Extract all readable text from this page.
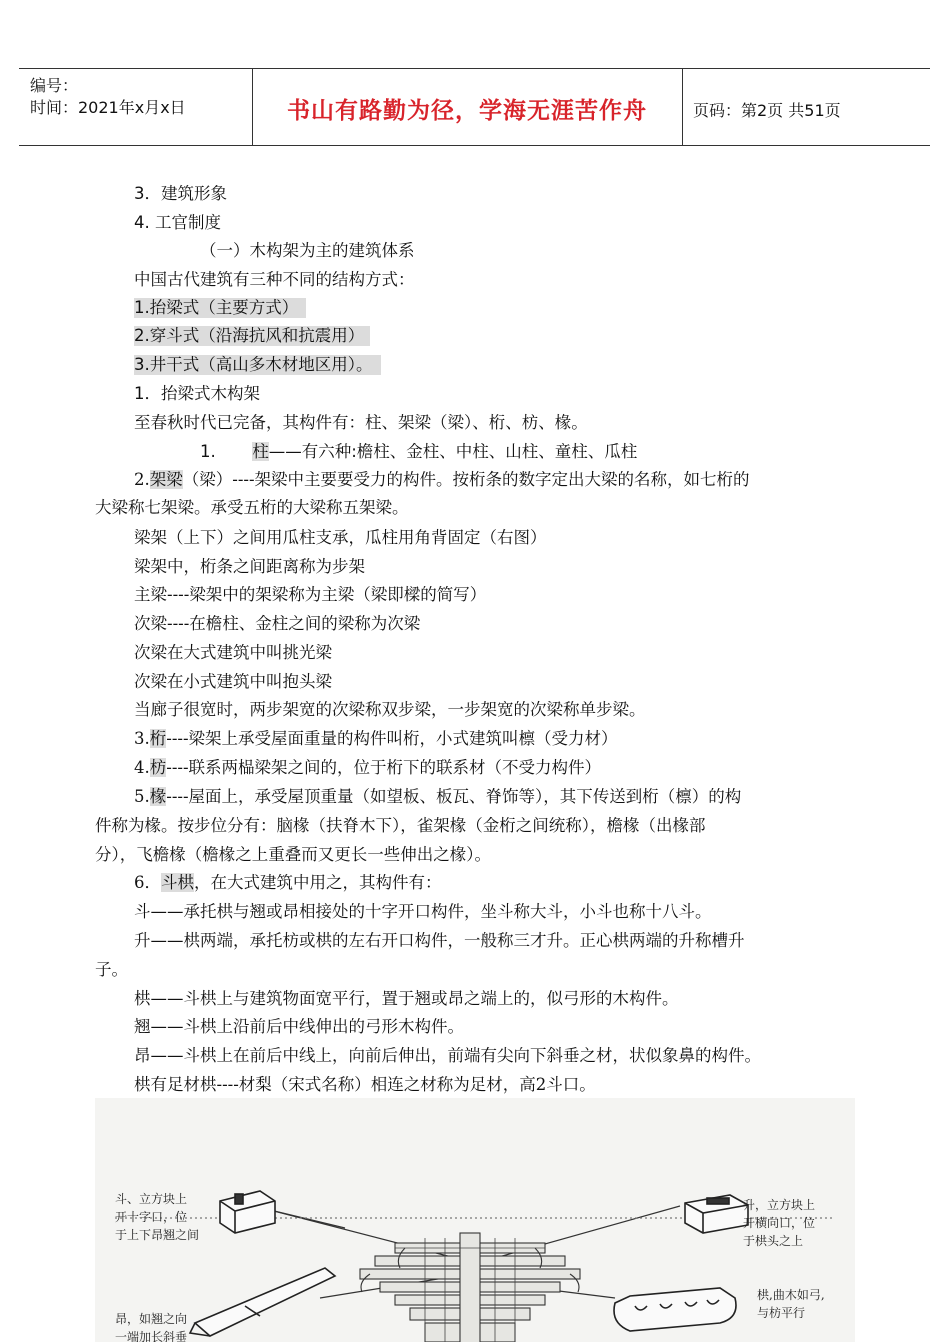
编号：
时间：2021年x月x日	书山有路勤为径，学海无涯苦作舟	页码：第2页 共51页
3．建筑形象
4. 工官制度
（一）木构架为主的建筑体系
中国古代建筑有三种不同的结构方式：
1.抬梁式（主要方式）
2.穿斗式（沿海抗风和抗震用）
3.井干式（高山多木材地区用）。
1．抬梁式木构架
至春秋时代已完备，其构件有：柱、架梁（梁）、桁、枋、椽。
1. 柱——有六种:檐柱、金柱、中柱、山柱、童柱、瓜柱
2.架梁（梁）----架梁中主要要受力的构件。按桁条的数字定出大梁的名称，如七桁的
大梁称七架梁。承受五桁的大梁称五架梁。
梁架（上下）之间用瓜柱支承，瓜柱用角背固定（右图）
梁架中，桁条之间距离称为步架
主梁----梁架中的架梁称为主梁（梁即樑的简写）
次梁----在檐柱、金柱之间的梁称为次梁
次梁在大式建筑中叫挑光梁
次梁在小式建筑中叫抱头梁
当廊子很宽时，两步架宽的次梁称双步梁，一步架宽的次梁称单步梁。
3.桁----梁架上承受屋面重量的构件叫桁，小式建筑叫檩（受力材）
4.枋----联系两榀梁架之间的，位于桁下的联系材（不受力构件）
5.椽----屋面上，承受屋顶重量（如望板、板瓦、脊饰等），其下传送到桁（檩）的构
件称为椽。按步位分有：脑椽（扶脊木下），雀架椽（金桁之间统称），檐椽（出椽部
分），飞檐椽（檐椽之上重叠而又更长一些伸出之椽）。
6．斗栱，在大式建筑中用之，其构件有：
斗——承托栱与翘或昂相接处的十字开口构件，坐斗称大斗，小斗也称十八斗。
升——栱两端，承托枋或栱的左右开口构件，一般称三才升。正心栱两端的升称槽升
子。
栱——斗栱上与建筑物面宽平行，置于翘或昂之端上的，似弓形的木构件。
翘——斗栱上沿前后中线伸出的弓形木构件。
昂——斗栱上在前后中线上，向前后伸出，前端有尖向下斜垂之材，状似象鼻的构件。
栱有足材栱----材梨（宋式名称）相连之材称为足材，高2斗口。
斗、立方块上
开十字口，位
于上下昂翘之间
升，立方块上
开横向口，位
于栱头之上
栱,曲木如弓,
与枋平行
昂，如翘之向
一端加长斜垂
